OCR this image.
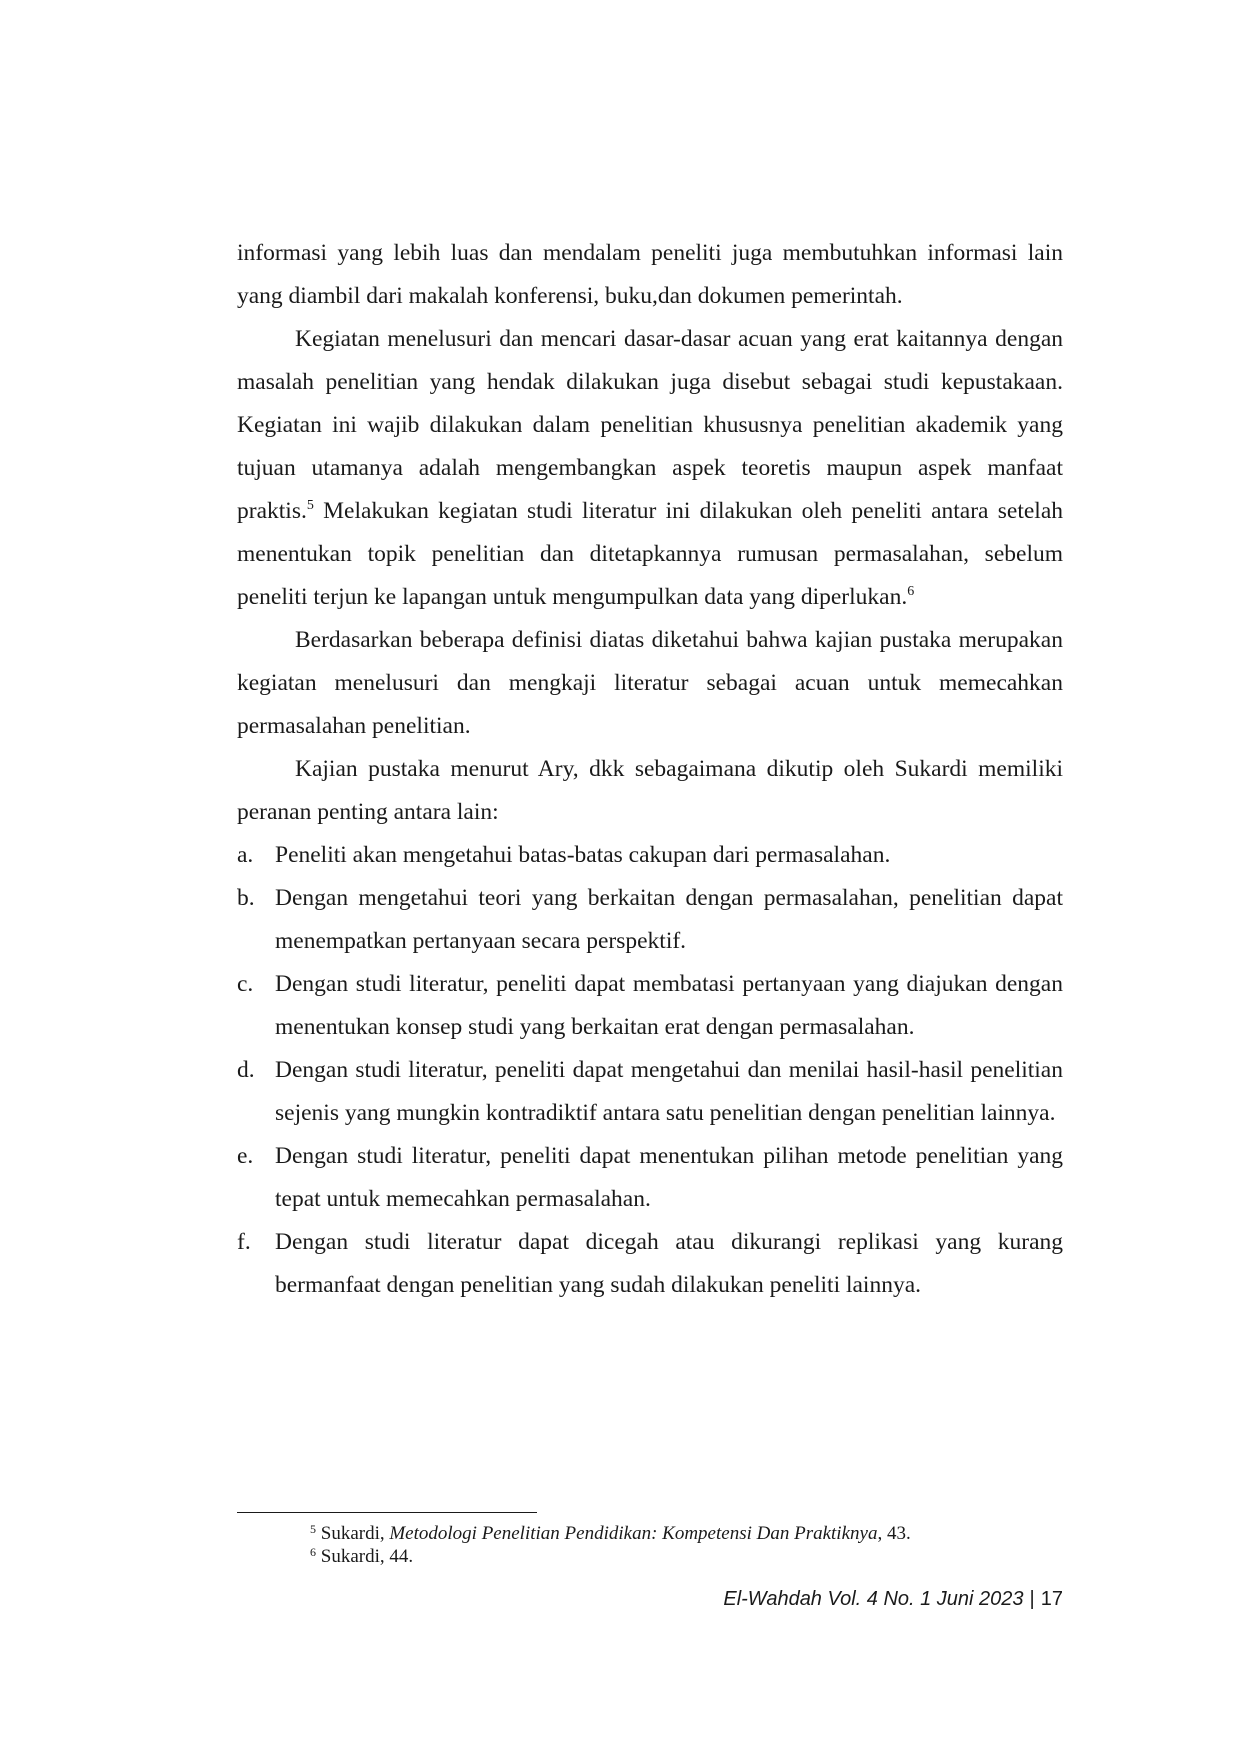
informasi yang lebih luas dan mendalam peneliti juga membutuhkan informasi lain yang diambil dari makalah konferensi, buku,dan dokumen pemerintah.

Kegiatan menelusuri dan mencari dasar-dasar acuan yang erat kaitannya dengan masalah penelitian yang hendak dilakukan juga disebut sebagai studi kepustakaan. Kegiatan ini wajib dilakukan dalam penelitian khususnya penelitian akademik yang tujuan utamanya adalah mengembangkan aspek teoretis maupun aspek manfaat praktis.$^5$ Melakukan kegiatan studi literatur ini dilakukan oleh peneliti antara setelah menentukan topik penelitian dan ditetapkannya rumusan permasalahan, sebelum peneliti terjun ke lapangan untuk mengumpulkan data yang diperlukan.$^6$

Berdasarkan beberapa definisi diatas diketahui bahwa kajian pustaka merupakan kegiatan menelusuri dan mengkaji literatur sebagai acuan untuk memecahkan permasalahan penelitian.

Kajian pustaka menurut Ary, dkk sebagaimana dikutip oleh Sukardi memiliki peranan penting antara lain:

a. Peneliti akan mengetahui batas-batas cakupan dari permasalahan.
b. Dengan mengetahui teori yang berkaitan dengan permasalahan, penelitian dapat menempatkan pertanyaan secara perspektif.
c. Dengan studi literatur, peneliti dapat membatasi pertanyaan yang diajukan dengan menentukan konsep studi yang berkaitan erat dengan permasalahan.
d. Dengan studi literatur, peneliti dapat mengetahui dan menilai hasil-hasil penelitian sejenis yang mungkin kontradiktif antara satu penelitian dengan penelitian lainnya.
e. Dengan studi literatur, peneliti dapat menentukan pilihan metode penelitian yang tepat untuk memecahkan permasalahan.
f. Dengan studi literatur dapat dicegah atau dikurangi replikasi yang kurang bermanfaat dengan penelitian yang sudah dilakukan peneliti lainnya.

$^5$ Sukardi, Metodologi Penelitian Pendidikan: Kompetensi Dan Praktiknya, 43.

$^6$ Sukardi, 44.

El-Wahdah Vol. 4 No. 1 Juni 2023 | 17
